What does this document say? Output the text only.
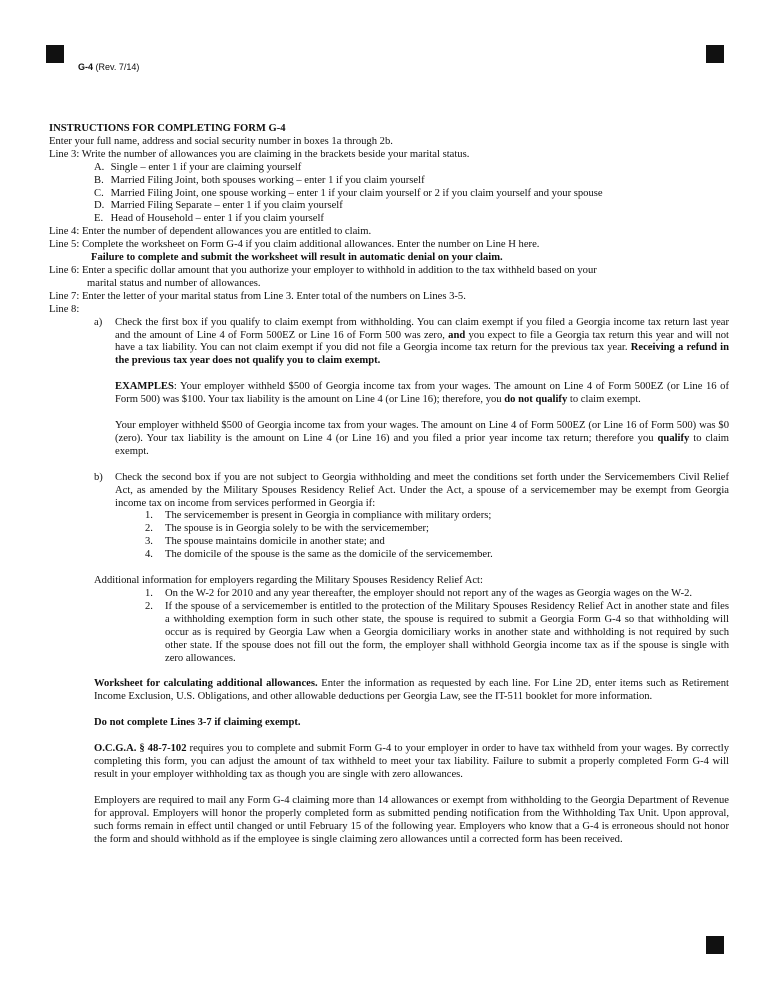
G-4 (Rev. 7/14)

INSTRUCTIONS FOR COMPLETING FORM G-4

Enter your full name, address and social security number in boxes 1a through 2b.

Line 3: Write the number of allowances you are claiming in the brackets beside your marital status.

A. Single – enter 1 if your are claiming yourself

B. Married Filing Joint, both spouses working – enter 1 if you claim yourself

C. Married Filing Joint, one spouse working – enter 1 if your claim yourself or 2 if you claim yourself and your spouse

D. Married Filing Separate – enter 1 if you claim yourself

E. Head of Household – enter 1 if you claim yourself

Line 4: Enter the number of dependent allowances you are entitled to claim.

Line 5: Complete the worksheet on Form G-4 if you claim additional allowances. Enter the number on Line H here.

Failure to complete and submit the worksheet will result in automatic denial on your claim.

Line 6: Enter a specific dollar amount that you authorize your employer to withhold in addition to the tax withheld based on your

marital status and number of allowances.

Line 7: Enter the letter of your marital status from Line 3. Enter total of the numbers on Lines 3-5.

Line 8:

a)	Check the first box if you qualify to claim exempt from withholding. You can claim exempt if you filed a Georgia income tax return last year and the amount of Line 4 of Form 500EZ or Line 16 of Form 500 was zero, and you expect to file a Georgia tax return this year and will not have a tax liability. You can not claim exempt if you did not file a Georgia income tax return for the previous tax year. Receiving a refund in the previous tax year does not qualify you to claim exempt.

EXAMPLES: Your employer withheld $500 of Georgia income tax from your wages. The amount on Line 4 of Form 500EZ (or Line 16 of Form 500) was $100. Your tax liability is the amount on Line 4 (or Line 16); therefore, you do not qualify to claim exempt.

Your employer withheld $500 of Georgia income tax from your wages. The amount on Line 4 of Form 500EZ (or Line 16 of Form 500) was $0 (zero). Your tax liability is the amount on Line 4 (or Line 16) and you filed a prior year income tax return; therefore you qualify to claim exempt.

b)	Check the second box if you are not subject to Georgia withholding and meet the conditions set forth under the Servicemembers Civil Relief Act, as amended by the Military Spouses Residency Relief Act. Under the Act, a spouse of a servicemember may be exempt from Georgia income tax on income from services performed in Georgia if:
1.	The servicemember is present in Georgia in compliance with military orders;
2.	The spouse is in Georgia solely to be with the servicemember;
3.	The spouse maintains domicile in another state; and
4.	The domicile of the spouse is the same as the domicile of the servicemember.

Additional information for employers regarding the Military Spouses Residency Relief Act:

1.	On the W-2 for 2010 and any year thereafter, the employer should not report any of the wages as Georgia wages on the W-2.
2.	If the spouse of a servicemember is entitled to the protection of the Military Spouses Residency Relief Act in another state and files a withholding exemption form in such other state, the spouse is required to submit a Georgia Form G-4 so that withholding will occur as is required by Georgia Law when a Georgia domiciliary works in another state and withholding is not required by such other state. If the spouse does not fill out the form, the employer shall withhold Georgia income tax as if the spouse is single with zero allowances.

Worksheet for calculating additional allowances. Enter the information as requested by each line. For Line 2D, enter items such as Retirement Income Exclusion, U.S. Obligations, and other allowable deductions per Georgia Law, see the IT-511 booklet for more information.

Do not complete Lines 3-7 if claiming exempt.

O.C.G.A. § 48-7-102 requires you to complete and submit Form G-4 to your employer in order to have tax withheld from your wages. By correctly completing this form, you can adjust the amount of tax withheld to meet your tax liability. Failure to submit a properly completed Form G-4 will result in your employer withholding tax as though you are single with zero allowances.

Employers are required to mail any Form G-4 claiming more than 14 allowances or exempt from withholding to the Georgia Department of Revenue for approval. Employers will honor the properly completed form as submitted pending notification from the Withholding Tax Unit. Upon approval, such forms remain in effect until changed or until February 15 of the following year. Employers who know that a G-4 is erroneous should not honor the form and should withhold as if the employee is single claiming zero allowances until a corrected form has been received.
